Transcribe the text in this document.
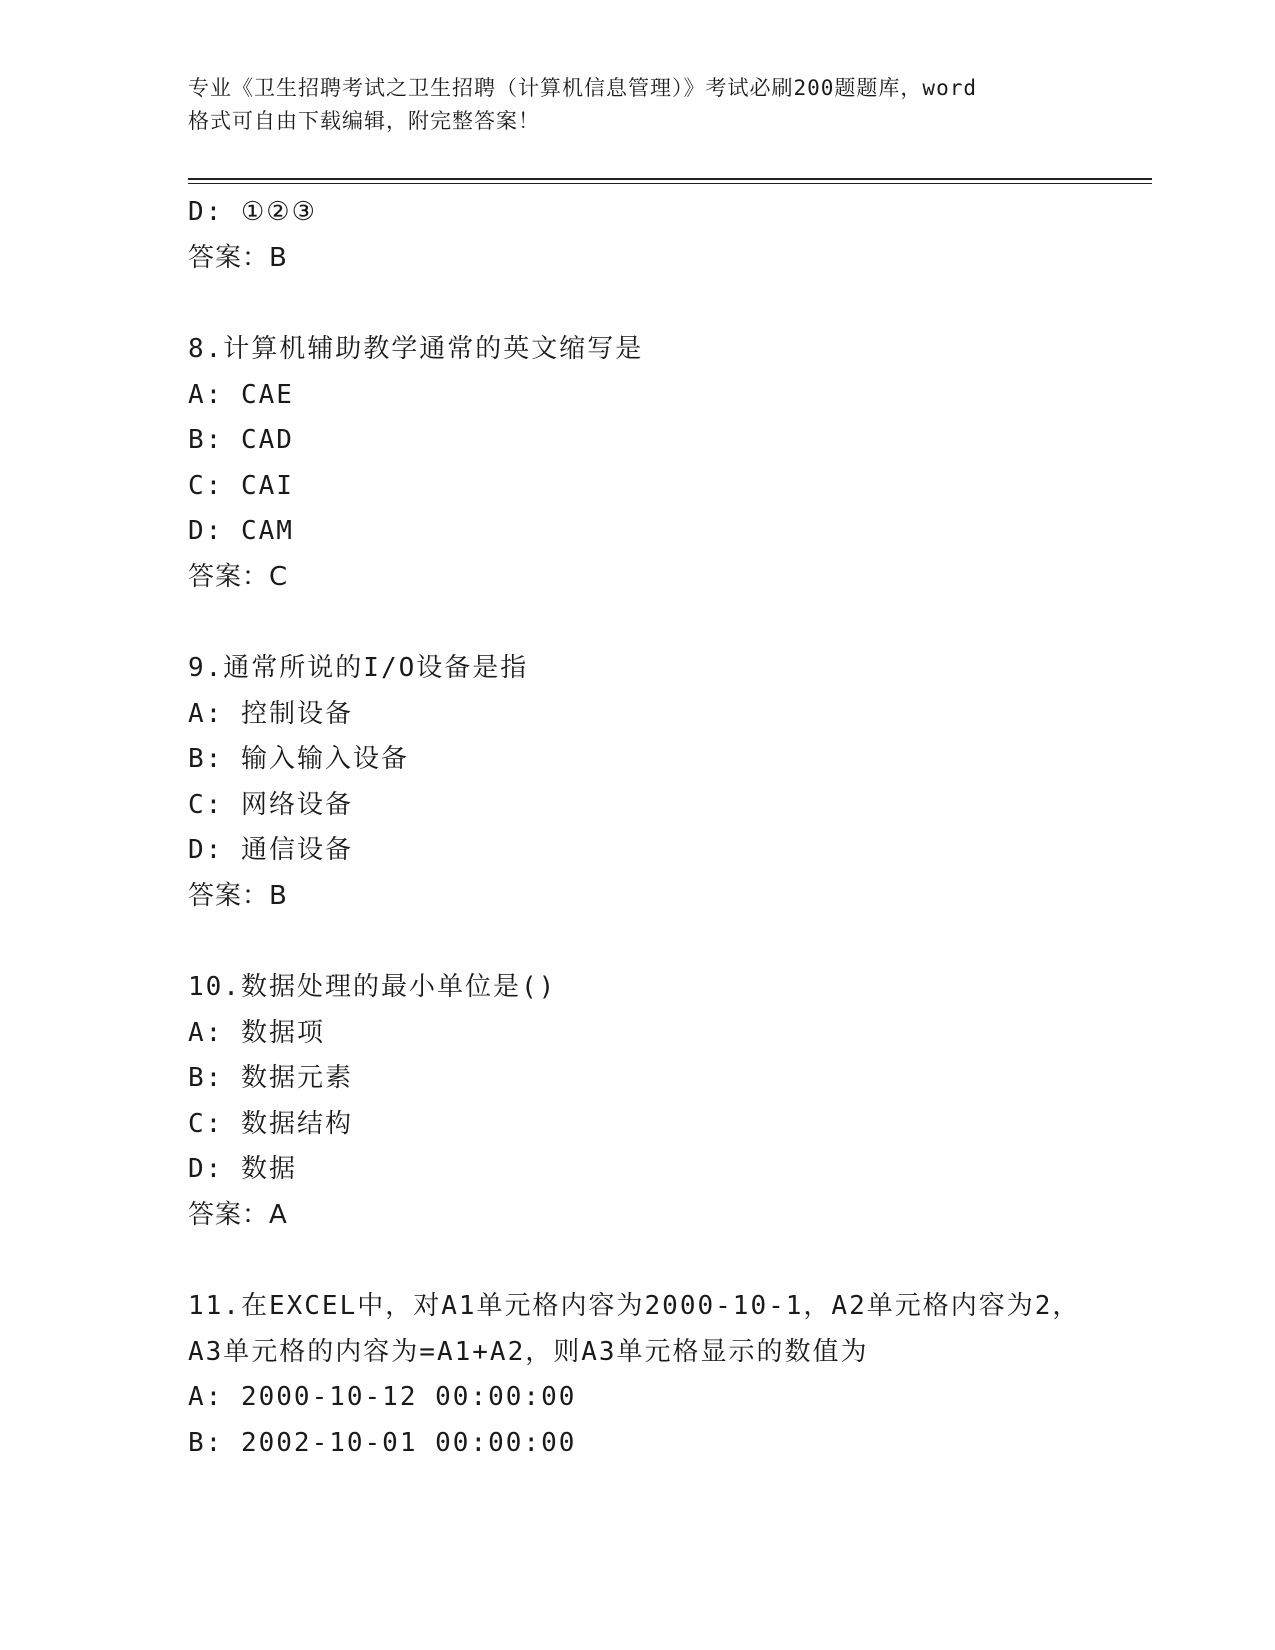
专业《卫生招聘考试之卫生招聘（计算机信息管理）》考试必刷200题题库，word
格式可自由下载编辑，附完整答案！
D: ①②③
答案：B
8.计算机辅助教学通常的英文缩写是
A: CAE
B: CAD
C: CAI
D: CAM
答案：C
9.通常所说的I/O设备是指
A: 控制设备
B: 输入输入设备
C: 网络设备
D: 通信设备
答案：B
10.数据处理的最小单位是()
A: 数据项
B: 数据元素
C: 数据结构
D: 数据
答案：A
11.在EXCEL中，对A1单元格内容为2000-10-1，A2单元格内容为2，
A3单元格的内容为=A1+A2，则A3单元格显示的数值为
A: 2000-10-12 00:00:00
B: 2002-10-01 00:00:00
